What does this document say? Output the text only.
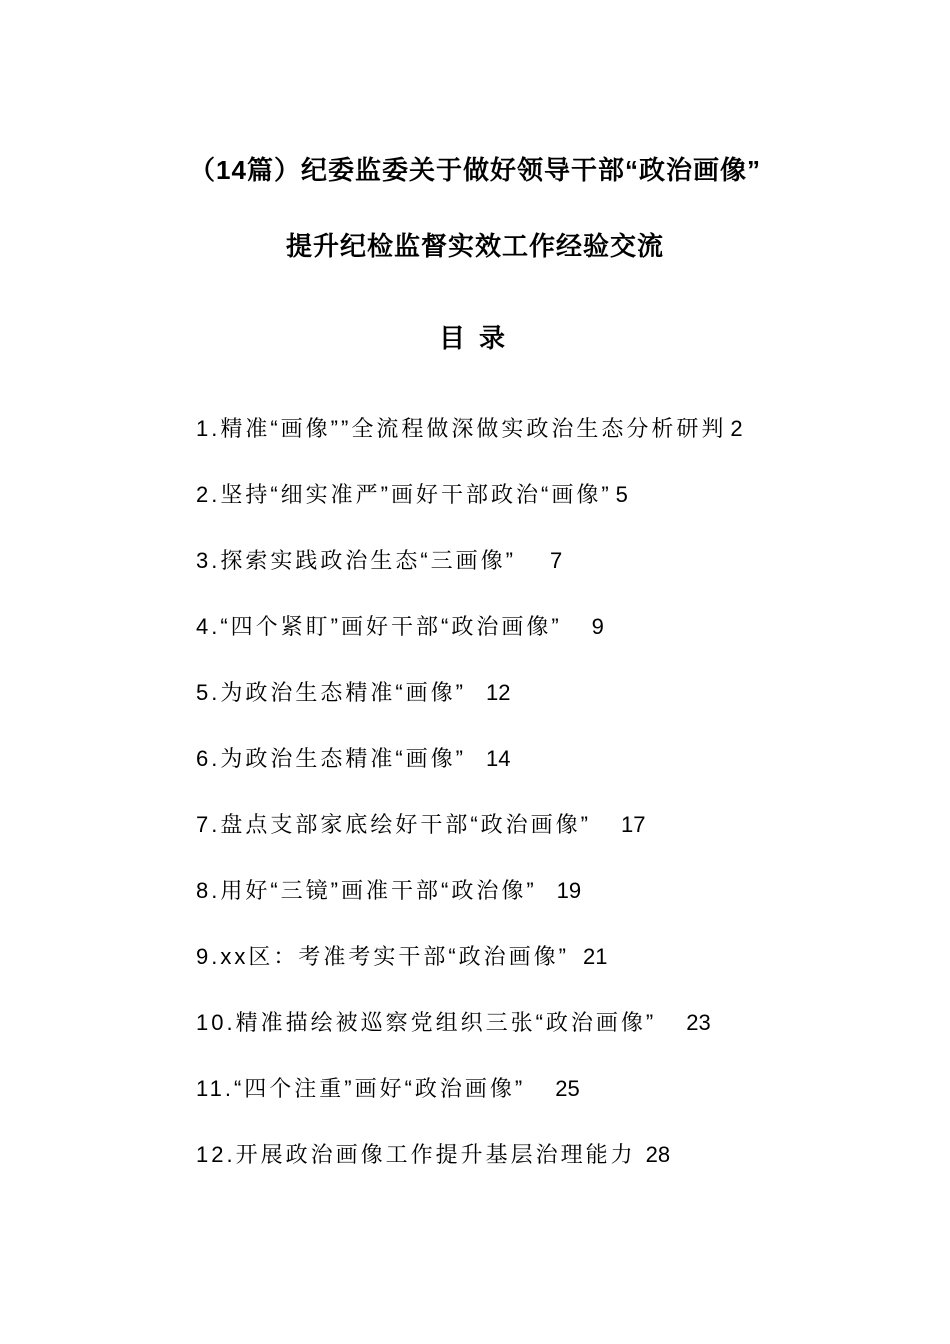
（14篇）纪委监委关于做好领导干部“政治画像”
提升纪检监督实效工作经验交流
目录
1.精准“画像””全流程做深做实政治生态分析研判 2
2.坚持“细实准严”画好干部政治“画像” 5
3.探索实践政治生态“三画像” 7
4.“四个紧盯”画好干部“政治画像” 9
5.为政治生态精准“画像” 12
6.为政治生态精准“画像” 14
7.盘点支部家底绘好干部“政治画像” 17
8.用好“三镜”画准干部“政治像” 19
9.xx区：考准考实干部“政治画像” 21
10.精准描绘被巡察党组织三张“政治画像” 23
11.“四个注重”画好“政治画像” 25
12.开展政治画像工作提升基层治理能力 28
